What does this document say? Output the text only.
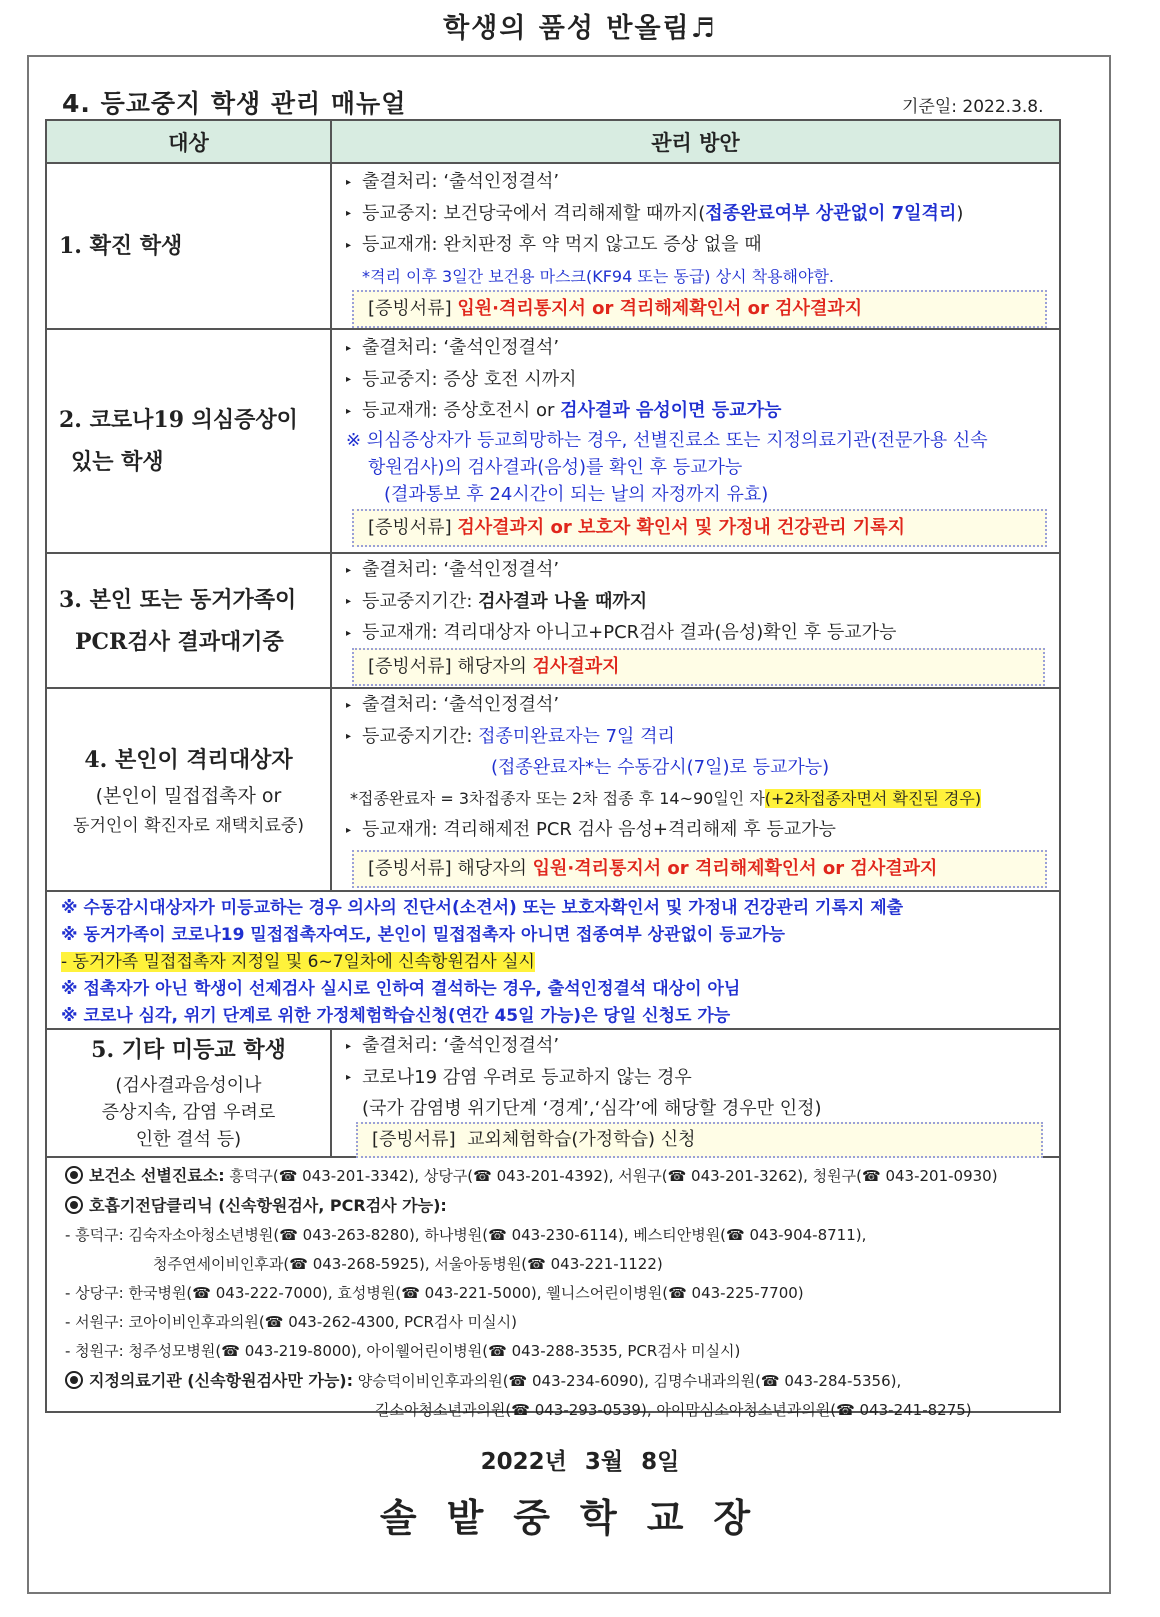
학생의 품성 반올림♬
4. 등교중지 학생 관리 매뉴얼	기준일: 2022.3.8.
대상	관리 방안
1. 확진 학생
▸ 출결처리: ‘출석인정결석’
▸ 등교중지: 보건당국에서 격리해제할 때까지(접종완료여부 상관없이 7일격리)
▸ 등교재개: 완치판정 후 약 먹지 않고도 증상 없을 때
*격리 이후 3일간 보건용 마스크(KF94 또는 동급) 상시 착용해야함.
[증빙서류] 입원·격리통지서 or 격리해제확인서 or 검사결과지
2. 코로나19 의심증상이
있는 학생
▸ 출결처리: ‘출석인정결석’
▸ 등교중지: 증상 호전 시까지
▸ 등교재개: 증상호전시 or 검사결과 음성이면 등교가능
※ 의심증상자가 등교희망하는 경우, 선별진료소 또는 지정의료기관(전문가용 신속
항원검사)의 검사결과(음성)를 확인 후 등교가능
(결과통보 후 24시간이 되는 날의 자정까지 유효)
[증빙서류] 검사결과지 or 보호자 확인서 및 가정내 건강관리 기록지
3. 본인 또는 동거가족이
PCR검사 결과대기중
▸ 출결처리: ‘출석인정결석’
▸ 등교중지기간: 검사결과 나올 때까지
▸ 등교재개: 격리대상자 아니고+PCR검사 결과(음성)확인 후 등교가능
[증빙서류] 해당자의 검사결과지
4. 본인이 격리대상자
(본인이 밀접접촉자 or
동거인이 확진자로 재택치료중)
▸ 출결처리: ‘출석인정결석’
▸ 등교중지기간: 접종미완료자는 7일 격리
(접종완료자*는 수동감시(7일)로 등교가능)
*접종완료자 = 3차접종자 또는 2차 접종 후 14~90일인 자(+2차접종자면서 확진된 경우)
▸ 등교재개: 격리해제전 PCR 검사 음성+격리해제 후 등교가능
[증빙서류] 해당자의 입원·격리통지서 or 격리해제확인서 or 검사결과지
※ 수동감시대상자가 미등교하는 경우 의사의 진단서(소견서) 또는 보호자확인서 및 가정내 건강관리 기록지 제출
※ 동거가족이 코로나19 밀접접촉자여도, 본인이 밀접접촉자 아니면 접종여부 상관없이 등교가능
- 동거가족 밀접접촉자 지정일 및 6~7일차에 신속항원검사 실시
※ 접촉자가 아닌 학생이 선제검사 실시로 인하여 결석하는 경우, 출석인정결석 대상이 아님
※ 코로나 심각, 위기 단계로 위한 가정체험학습신청(연간 45일 가능)은 당일 신청도 가능
5. 기타 미등교 학생
(검사결과음성이나
증상지속, 감염 우려로
인한 결석 등)
▸ 출결처리: ‘출석인정결석’
▸ 코로나19 감염 우려로 등교하지 않는 경우
(국가 감염병 위기단계 ‘경계’,‘심각’에 해당할 경우만 인정)
[증빙서류] 교외체험학습(가정학습) 신청
보건소 선별진료소: 흥덕구(☎ 043-201-3342), 상당구(☎ 043-201-4392), 서원구(☎ 043-201-3262), 청원구(☎ 043-201-0930)
호흡기전담클리닉 (신속항원검사, PCR검사 가능):
- 흥덕구: 김숙자소아청소년병원(☎ 043-263-8280), 하나병원(☎ 043-230-6114), 베스티안병원(☎ 043-904-8711),
청주연세이비인후과(☎ 043-268-5925), 서울아동병원(☎ 043-221-1122)
- 상당구: 한국병원(☎ 043-222-7000), 효성병원(☎ 043-221-5000), 웰니스어린이병원(☎ 043-225-7700)
- 서원구: 코아이비인후과의원(☎ 043-262-4300, PCR검사 미실시)
- 청원구: 청주성모병원(☎ 043-219-8000), 아이웰어린이병원(☎ 043-288-3535, PCR검사 미실시)
지정의료기관 (신속항원검사만 가능): 양승덕이비인후과의원(☎ 043-234-6090), 김명수내과의원(☎ 043-284-5356),
길소아청소년과의원(☎ 043-293-0539), 아이맘심소아청소년과의원(☎ 043-241-8275)
2022년 3월 8일
솔밭중학교장
